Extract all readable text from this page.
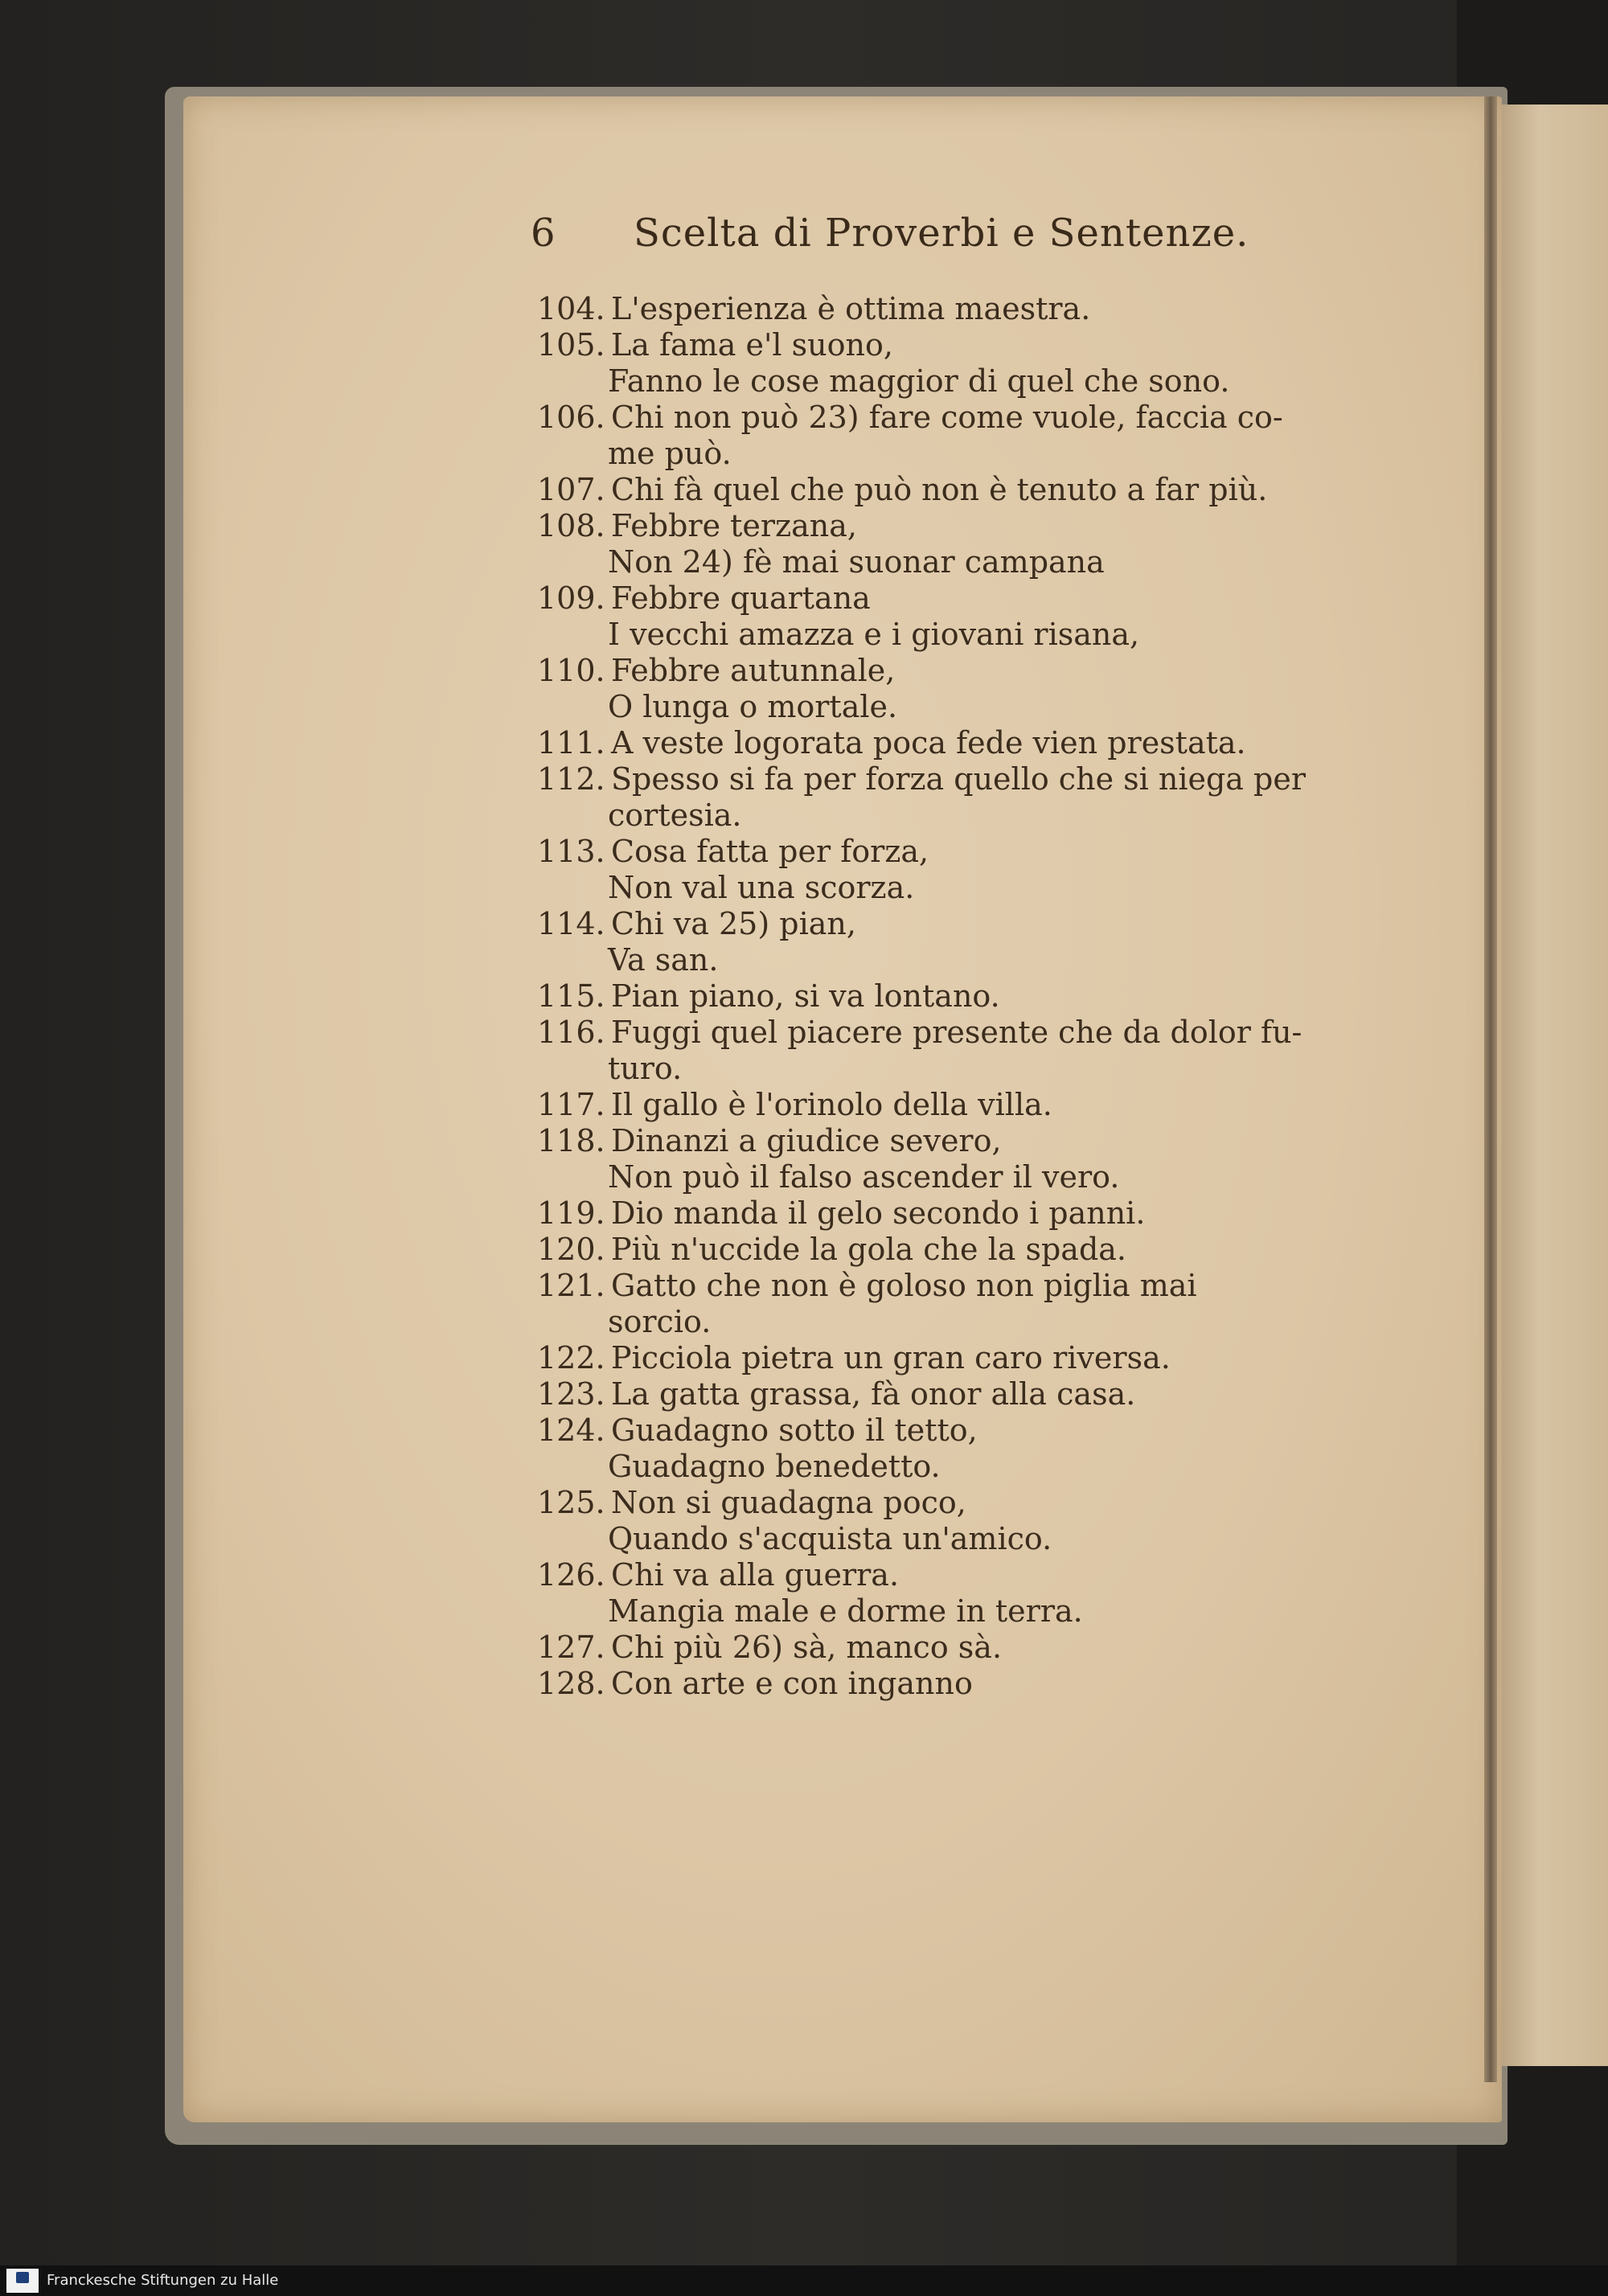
6 Scelta di Proverbi e Sentenze.
104. L'esperienza è ottima maestra.
105. La fama e'l suono,
Fanno le cose maggior di quel che sono.
106. Chi non può 23) fare come vuole, faccia co-
me può.
107. Chi fà quel che può non è tenuto a far più.
108. Febbre terzana,
Non 24) fè mai suonar campana
109. Febbre quartana
I vecchi amazza e i giovani risana,
110. Febbre autunnale,
O lunga o mortale.
111. A veste logorata poca fede vien prestata.
112. Spesso si fa per forza quello che si niega per
cortesia.
113. Cosa fatta per forza,
Non val una scorza.
114. Chi va 25) pian,
Va san.
115. Pian piano, si va lontano.
116. Fuggi quel piacere presente che da dolor fu-
turo.
117. Il gallo è l'orinolo della villa.
118. Dinanzi a giudice severo,
Non può il falso ascender il vero.
119. Dio manda il gelo secondo i panni.
120. Più n'uccide la gola che la spada.
121. Gatto che non è goloso non piglia mai
sorcio.
122. Picciola pietra un gran caro riversa.
123. La gatta grassa, fà onor alla casa.
124. Guadagno sotto il tetto,
Guadagno benedetto.
125. Non si guadagna poco,
Quando s'acquista un'amico.
126. Chi va alla guerra.
Mangia male e dorme in terra.
127. Chi più 26) sà, manco sà.
128. Con arte e con inganno
Franckesche Stiftungen zu Halle
